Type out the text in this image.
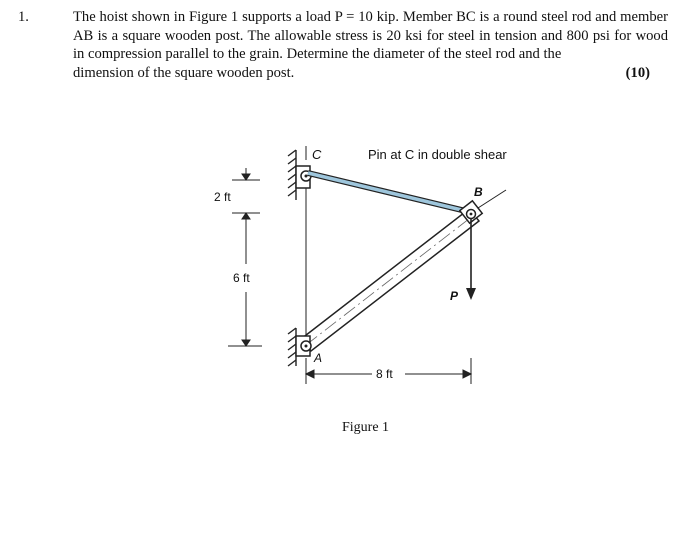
1.	The hoist shown in Figure 1 supports a load P = 10 kip. Member BC is a round steel rod and member AB is a square wooden post. The allowable stress is 20 ksi for steel in tension and 800 psi for wood in compression parallel to the grain. Determine the diameter of the steel rod and the
dimension of the square wooden post.	(10)
C	Pin at C in double shear
B
P
A
2 ft
6 ft
8 ft
Figure 1
